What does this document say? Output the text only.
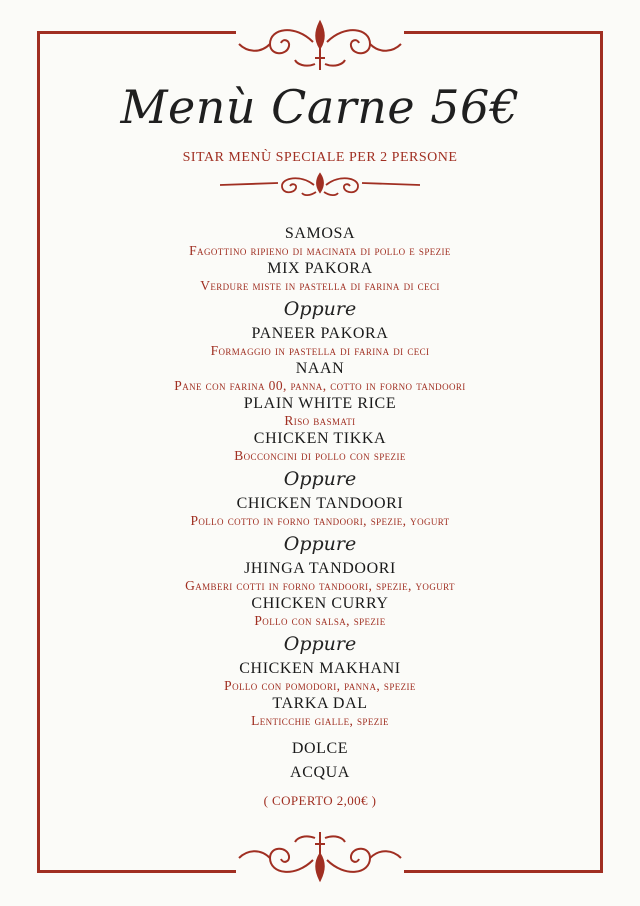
Menù Carne 56€
SITAR MENÙ SPECIALE PER 2 PERSONE
SAMOSA
Fagottino ripieno di macinata di pollo e spezie
MIX PAKORA
Verdure miste in pastella di farina di ceci
Oppure
PANEER PAKORA
Formaggio in pastella di farina di ceci
NAAN
Pane con farina 00, panna, cotto in forno tandoori
PLAIN WHITE RICE
Riso basmati
CHICKEN TIKKA
Bocconcini di pollo con spezie
Oppure
CHICKEN TANDOORI
Pollo cotto in forno tandoori, spezie, yogurt
Oppure
JHINGA TANDOORI
Gamberi cotti in forno tandoori, spezie, yogurt
CHICKEN CURRY
Pollo con salsa, spezie
Oppure
CHICKEN MAKHANI
Pollo con pomodori, panna, spezie
TARKA DAL
Lenticchie gialle, spezie
DOLCE
ACQUA
( COPERTO 2,00€ )
